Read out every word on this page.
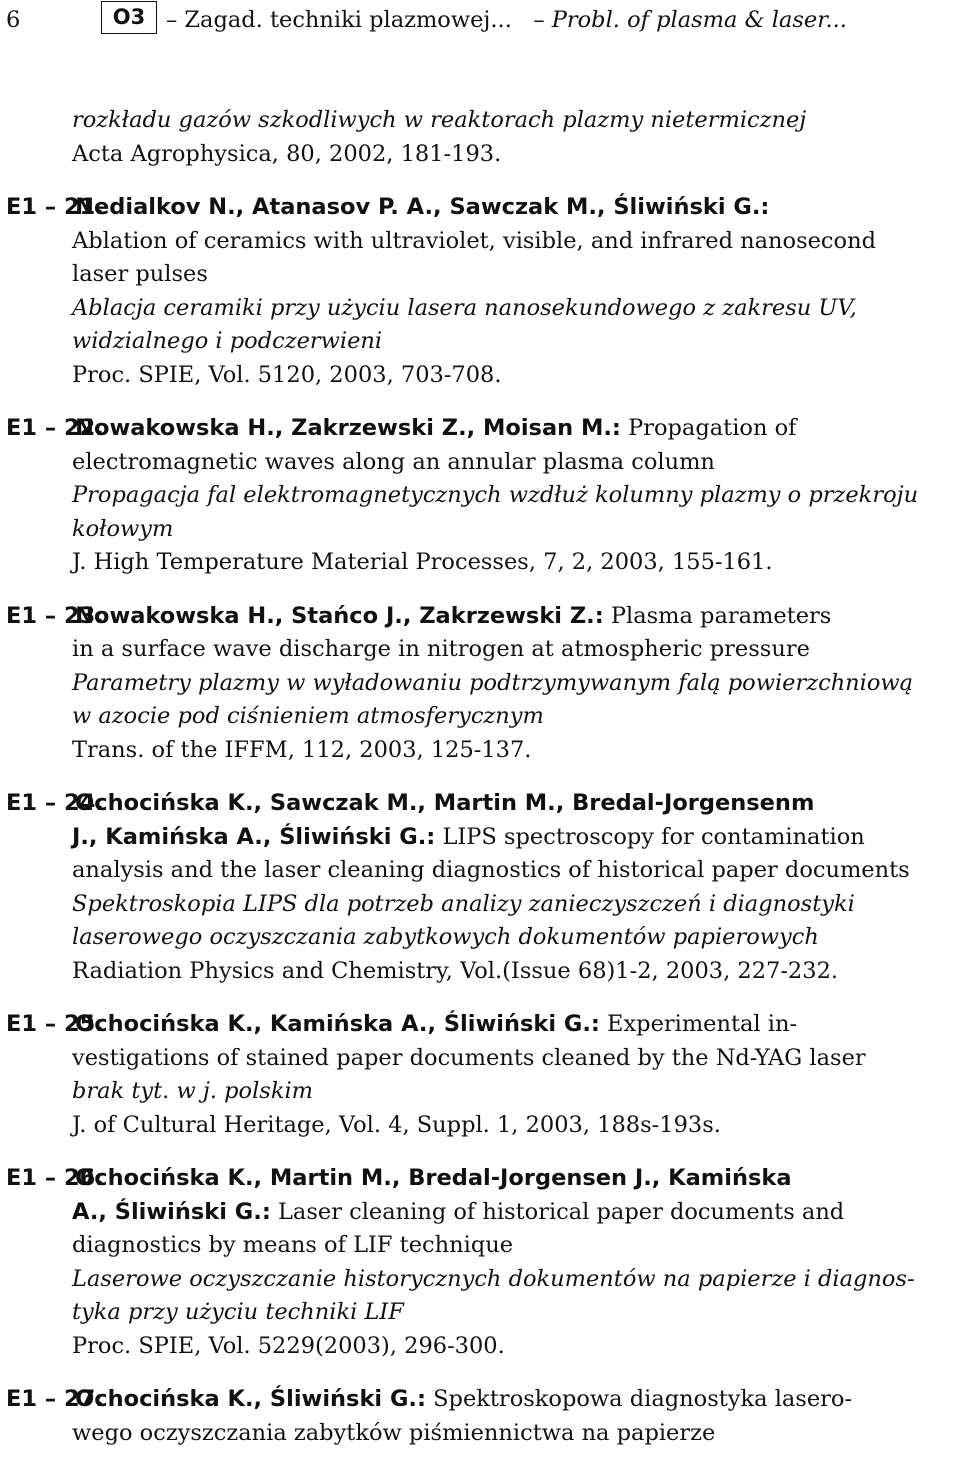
6	O3 – Zagad. techniki plazmowej... – Probl. of plasma & laser...
rozkładu gazów szkodliwych w reaktorach plazmy nietermicznej
Acta Agrophysica, 80, 2002, 181-193.
E1 – 21. Nedialkov N., Atanasov P. A., Sawczak M., Śliwiński G.:
Ablation of ceramics with ultraviolet, visible, and infrared nanosecond
laser pulses
Ablacja ceramiki przy użyciu lasera nanosekundowego z zakresu UV,
widzialnego i podczerwieni
Proc. SPIE, Vol. 5120, 2003, 703-708.
E1 – 22. Nowakowska H., Zakrzewski Z., Moisan M.: Propagation of
electromagnetic waves along an annular plasma column
Propagacja fal elektromagnetycznych wzdłuż kolumny plazmy o przekroju
kołowym
J. High Temperature Material Processes, 7, 2, 2003, 155-161.
E1 – 23. Nowakowska H., Stańco J., Zakrzewski Z.: Plasma parameters
in a surface wave discharge in nitrogen at atmospheric pressure
Parametry plazmy w wyładowaniu podtrzymywanym falą powierzchniową
w azocie pod ciśnieniem atmosferycznym
Trans. of the IFFM, 112, 2003, 125-137.
E1 – 24. Ochocińska K., Sawczak M., Martin M., Bredal-Jorgensenm
J., Kamińska A., Śliwiński G.: LIPS spectroscopy for contamination
analysis and the laser cleaning diagnostics of historical paper documents
Spektroskopia LIPS dla potrzeb analizy zanieczyszczeń i diagnostyki
laserowego oczyszczania zabytkowych dokumentów papierowych
Radiation Physics and Chemistry, Vol.(Issue 68)1-2, 2003, 227-232.
E1 – 25. Ochocińska K., Kamińska A., Śliwiński G.: Experimental in-
vestigations of stained paper documents cleaned by the Nd-YAG laser
brak tyt. w j. polskim
J. of Cultural Heritage, Vol. 4, Suppl. 1, 2003, 188s-193s.
E1 – 26. Ochocińska K., Martin M., Bredal-Jorgensen J., Kamińska
A., Śliwiński G.: Laser cleaning of historical paper documents and
diagnostics by means of LIF technique
Laserowe oczyszczanie historycznych dokumentów na papierze i diagnos-
tyka przy użyciu techniki LIF
Proc. SPIE, Vol. 5229(2003), 296-300.
E1 – 27. Ochocińska K., Śliwiński G.: Spektroskopowa diagnostyka lasero-
wego oczyszczania zabytków piśmiennictwa na papierze
